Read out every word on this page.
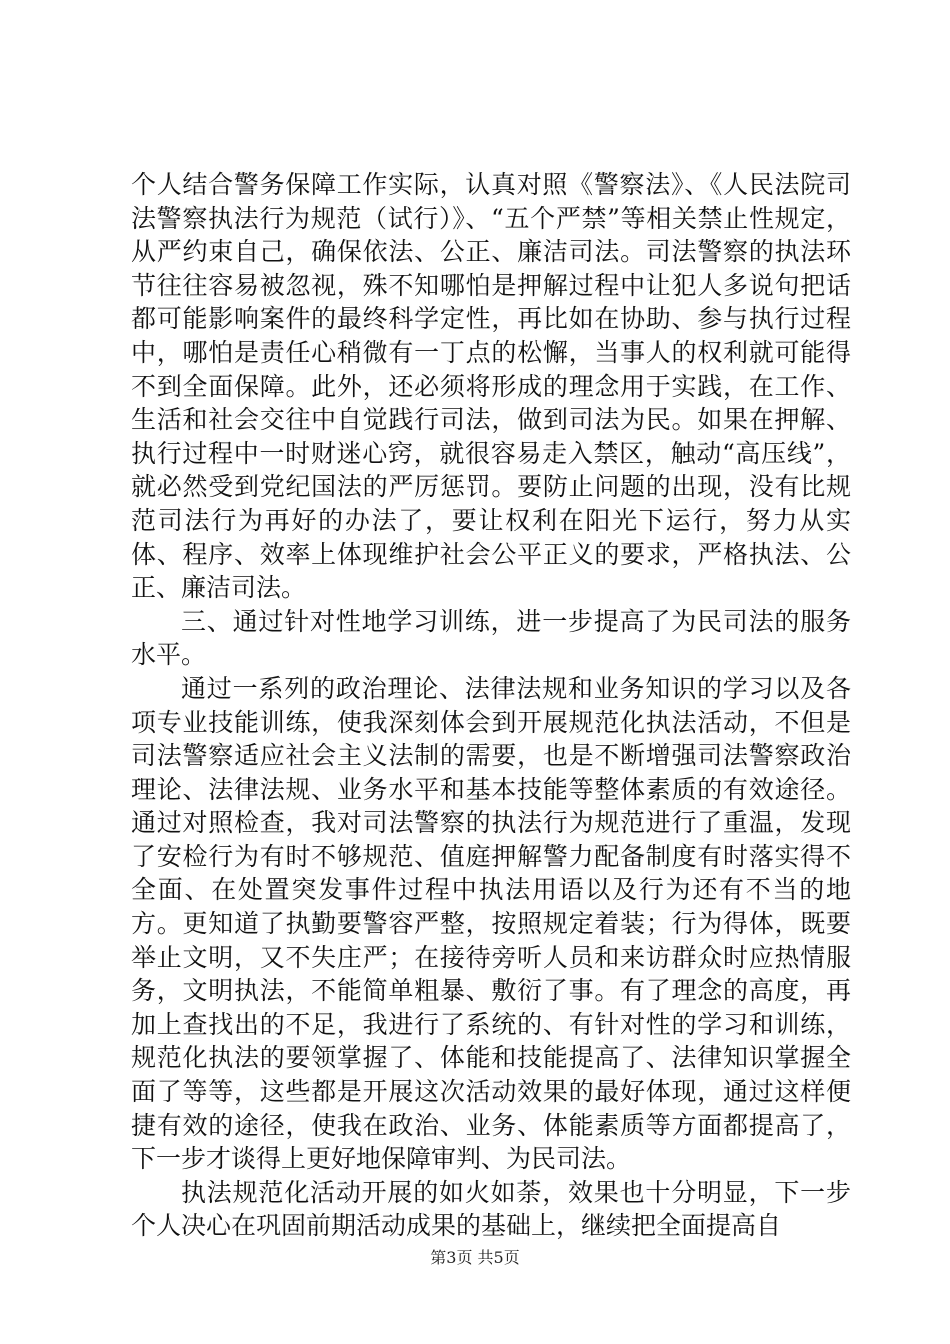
个人结合警务保障工作实际，认真对照《警察法》、《人民法院司法警察执法行为规范（试行）》、“五个严禁”等相关禁止性规定，从严约束自己，确保依法、公正、廉洁司法。司法警察的执法环节往往容易被忽视，殊不知哪怕是押解过程中让犯人多说句把话都可能影响案件的最终科学定性，再比如在协助、参与执行过程中，哪怕是责任心稍微有一丁点的松懈，当事人的权利就可能得不到全面保障。此外，还必须将形成的理念用于实践，在工作、生活和社会交往中自觉践行司法，做到司法为民。如果在押解、执行过程中一时财迷心窍，就很容易走入禁区，触动“高压线”，就必然受到党纪国法的严厉惩罚。要防止问题的出现，没有比规范司法行为再好的办法了，要让权利在阳光下运行，努力从实体、程序、效率上体现维护社会公平正义的要求，严格执法、公正、廉洁司法。

三、通过针对性地学习训练，进一步提高了为民司法的服务水平。

通过一系列的政治理论、法律法规和业务知识的学习以及各项专业技能训练，使我深刻体会到开展规范化执法活动，不但是司法警察适应社会主义法制的需要，也是不断增强司法警察政治理论、法律法规、业务水平和基本技能等整体素质的有效途径。通过对照检查，我对司法警察的执法行为规范进行了重温，发现了安检行为有时不够规范、值庭押解警力配备制度有时落实得不全面、在处置突发事件过程中执法用语以及行为还有不当的地方。更知道了执勤要警容严整，按照规定着装；行为得体，既要举止文明，又不失庄严；在接待旁听人员和来访群众时应热情服务，文明执法，不能简单粗暴、敷衍了事。有了理念的高度，再加上查找出的不足，我进行了系统的、有针对性的学习和训练，规范化执法的要领掌握了、体能和技能提高了、法律知识掌握全面了等等，这些都是开展这次活动效果的最好体现，通过这样便捷有效的途径，使我在政治、业务、体能素质等方面都提高了，下一步才谈得上更好地保障审判、为民司法。

执法规范化活动开展的如火如荼，效果也十分明显，下一步个人决心在巩固前期活动成果的基础上，继续把全面提高自

第3页 共5页
